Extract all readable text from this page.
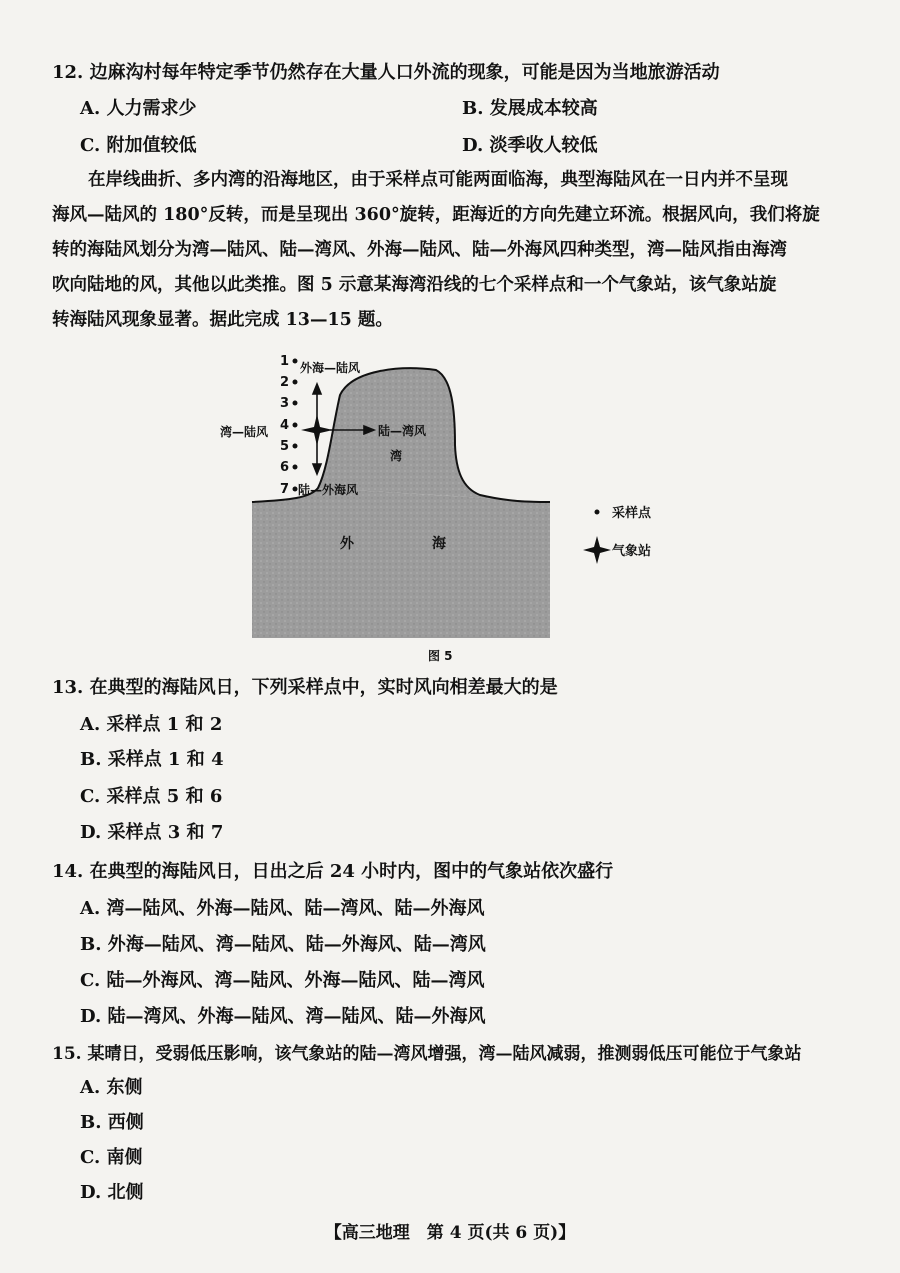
12. 边麻沟村每年特定季节仍然存在大量人口外流的现象，可能是因为当地旅游活动
A. 人力需求少	B. 发展成本较高
C. 附加值较低	D. 淡季收人较低

在岸线曲折、多内湾的沿海地区，由于采样点可能两面临海，典型海陆风在一日内并不呈现

海风—陆风的 180°反转，而是呈现出 360°旋转，距海近的方向先建立环流。根据风向，我们将旋

转的海陆风划分为湾—陆风、陆—湾风、外海—陆风、陆—外海风四种类型，湾—陆风指由海湾

吹向陆地的风，其他以此类推。图 5 示意某海湾沿线的七个采样点和一个气象站，该气象站旋

转海陆风现象显著。据此完成 13—15 题。

1
2
3
4
5
6
7
外海—陆风
湾—陆风	陆—湾风
陆—外海风
湾
外	海
采样点
气象站
图 5
13. 在典型的海陆风日，下列采样点中，实时风向相差最大的是
A. 采样点 1 和 2
B. 采样点 1 和 4
C. 采样点 5 和 6
D. 采样点 3 和 7
14. 在典型的海陆风日，日出之后 24 小时内，图中的气象站依次盛行
A. 湾—陆风、外海—陆风、陆—湾风、陆—外海风
B. 外海—陆风、湾—陆风、陆—外海风、陆—湾风
C. 陆—外海风、湾—陆风、外海—陆风、陆—湾风
D. 陆—湾风、外海—陆风、湾—陆风、陆—外海风
15. 某晴日，受弱低压影响，该气象站的陆—湾风增强，湾—陆风减弱，推测弱低压可能位于气象站
A. 东侧
B. 西侧
C. 南侧
D. 北侧
【高三地理　第 4 页(共 6 页)】
